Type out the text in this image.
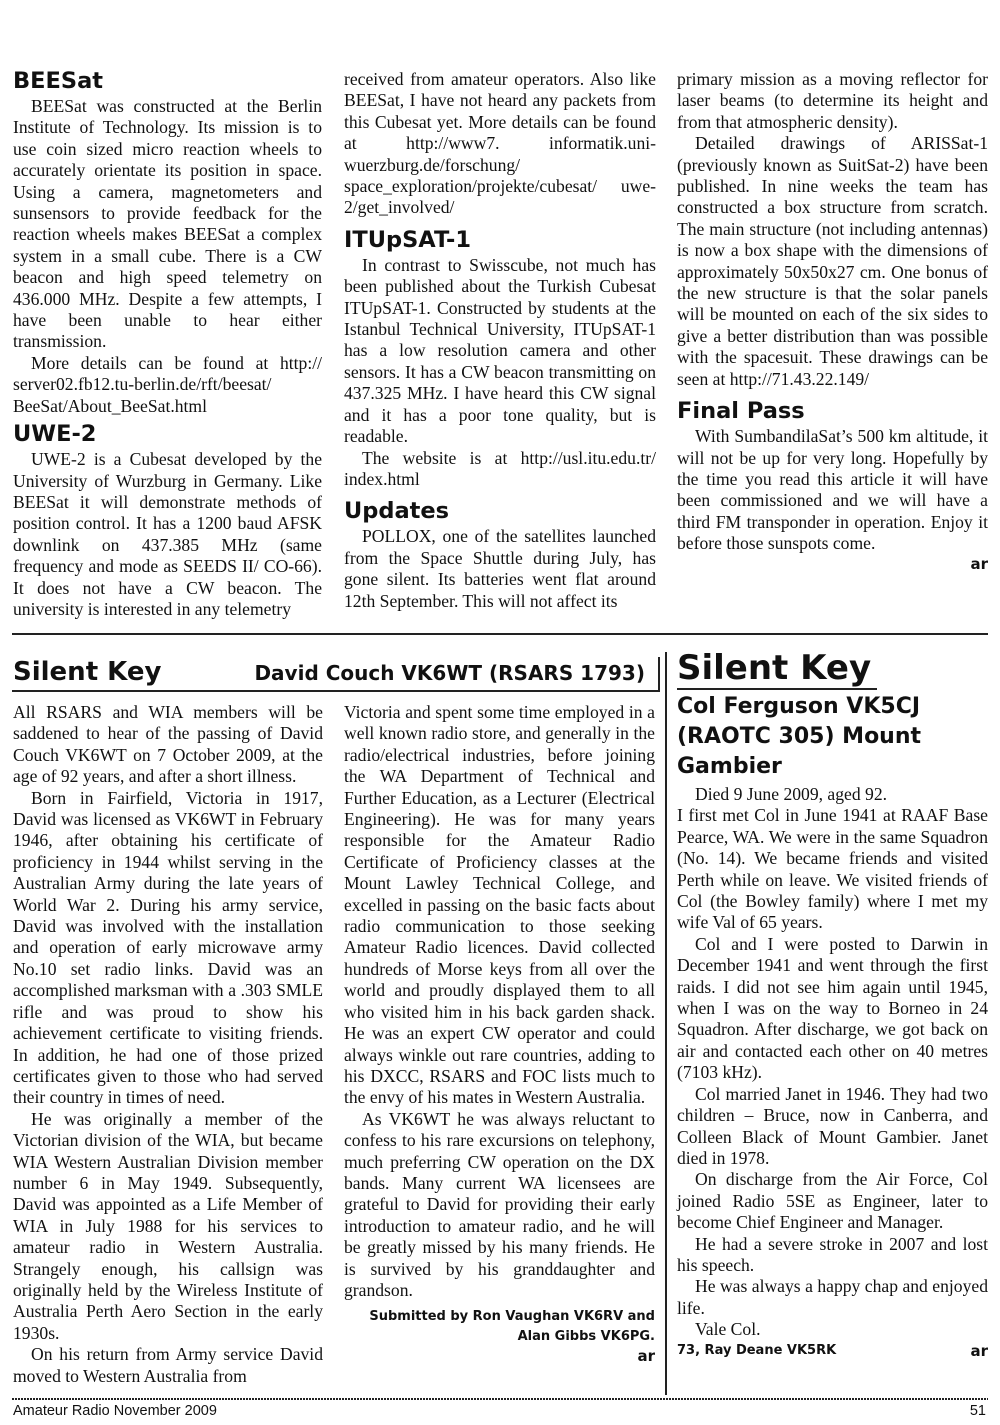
BEESat

BEESat was constructed at the Berlin Institute of Technology. Its mission is to use coin sized micro reaction wheels to accurately orientate its position in space. Using a camera, magnetometers and sunsensors to provide feedback for the reaction wheels makes BEESat a complex system in a small cube. There is a CW beacon and high speed telemetry on 436.000 MHz. Despite a few attempts, I have been unable to hear either transmission.

More details can be found at http:// server02.fb12.tu-berlin.de/rft/beesat/ BeeSat/About_BeeSat.html

UWE-2

UWE-2 is a Cubesat developed by the University of Wurzburg in Germany. Like BEESat it will demonstrate methods of position control. It has a 1200 baud AFSK downlink on 437.385 MHz (same frequency and mode as SEEDS II/ CO-66). It does not have a CW beacon. The university is interested in any telemetry

received from amateur operators. Also like BEESat, I have not heard any packets from this Cubesat yet. More details can be found at http://www7. informatik.uni-wuerzburg.de/forschung/ space_exploration/projekte/cubesat/ uwe-2/get_involved/

ITUpSAT-1

In contrast to Swisscube, not much has been published about the Turkish Cubesat ITUpSAT-1. Constructed by students at the Istanbul Technical University, ITUpSAT-1 has a low resolution camera and other sensors. It has a CW beacon transmitting on 437.325 MHz. I have heard this CW signal and it has a poor tone quality, but is readable.

The website is at http://usl.itu.edu.tr/ index.html

Updates

POLLOX, one of the satellites launched from the Space Shuttle during July, has gone silent. Its batteries went flat around 12th September. This will not affect its

primary mission as a moving reflector for laser beams (to determine its height and from that atmospheric density).

Detailed drawings of ARISSat-1 (previously known as SuitSat-2) have been published. In nine weeks the team has constructed a box structure from scratch. The main structure (not including antennas) is now a box shape with the dimensions of approximately 50x50x27 cm. One bonus of the new structure is that the solar panels will be mounted on each of the six sides to give a better distribution than was possible with the spacesuit. These drawings can be seen at http://71.43.22.149/

Final Pass

With SumbandilaSat’s 500 km altitude, it will not be up for very long. Hopefully by the time you read this article it will have been commissioned and we will have a third FM transponder in operation. Enjoy it before those sunspots come.

ar

Silent Key	David Couch VK6WT (RSARS 1793)

All RSARS and WIA members will be saddened to hear of the passing of David Couch VK6WT on 7 October 2009, at the age of 92 years, and after a short illness.

Born in Fairfield, Victoria in 1917, David was licensed as VK6WT in February 1946, after obtaining his certificate of proficiency in 1944 whilst serving in the Australian Army during the late years of World War 2. During his army service, David was involved with the installation and operation of early microwave army No.10 set radio links. David was an accomplished marksman with a .303 SMLE rifle and was proud to show his achievement certificate to visiting friends. In addition, he had one of those prized certificates given to those who had served their country in times of need.

He was originally a member of the Victorian division of the WIA, but became WIA Western Australian Division member number 6 in May 1949. Subsequently, David was appointed as a Life Member of WIA in July 1988 for his services to amateur radio in Western Australia. Strangely enough, his callsign was originally held by the Wireless Institute of Australia Perth Aero Section in the early 1930s.

On his return from Army service David moved to Western Australia from

Victoria and spent some time employed in a well known radio store, and generally in the radio/electrical industries, before joining the WA Department of Technical and Further Education, as a Lecturer (Electrical Engineering). He was for many years responsible for the Amateur Radio Certificate of Proficiency classes at the Mount Lawley Technical College, and excelled in passing on the basic facts about radio communication to those seeking Amateur Radio licences. David collected hundreds of Morse keys from all over the world and proudly displayed them to all who visited him in his back garden shack. He was an expert CW operator and could always winkle out rare countries, adding to his DXCC, RSARS and FOC lists much to the envy of his mates in Western Australia.

As VK6WT he was always reluctant to confess to his rare excursions on telephony, much preferring CW operation on the DX bands. Many current WA licensees are grateful to David for providing their early introduction to amateur radio, and he will be greatly missed by his many friends. He is survived by his granddaughter and grandson.

Submitted by Ron Vaughan VK6RV and

Alan Gibbs VK6PG.

ar

Silent Key
Col Ferguson VK5CJ (RAOTC 305) Mount Gambier

Died 9 June 2009, aged 92.

I first met Col in June 1941 at RAAF Base Pearce, WA. We were in the same Squadron (No. 14). We became friends and visited Perth while on leave. We visited friends of Col (the Bowley family) where I met my wife Val of 65 years.

Col and I were posted to Darwin in December 1941 and went through the first raids. I did not see him again until 1945, when I was on the way to Borneo in 24 Squadron. After discharge, we got back on air and contacted each other on 40 metres (7103 kHz).

Col married Janet in 1946. They had two children – Bruce, now in Canberra, and Colleen Black of Mount Gambier. Janet died in 1978.

On discharge from the Air Force, Col joined Radio 5SE as Engineer, later to become Chief Engineer and Manager.

He had a severe stroke in 2007 and lost his speech.

He was always a happy chap and enjoyed life.

Vale Col.

73, Ray Deane VK5RK	ar
Amateur Radio November 2009	51
